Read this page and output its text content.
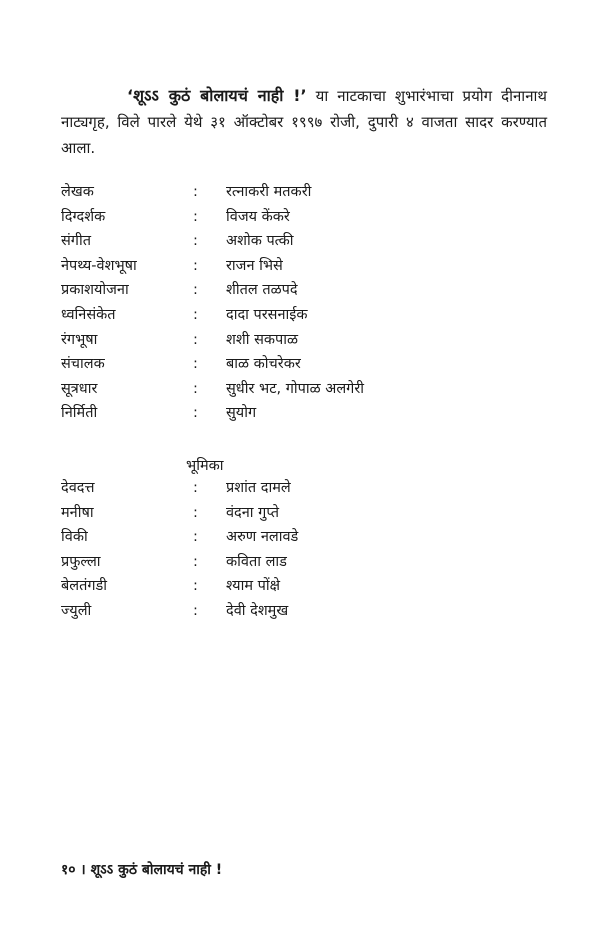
‘शूऽऽ कुठं बोलायचं नाही !’ या नाटकाचा शुभारंभाचा प्रयोग दीनानाथ नाट्यगृह, विले पारले येथे ३१ ऑक्टोबर १९९७ रोजी, दुपारी ४ वाजता सादर करण्यात आला.
लेखक	: रत्नाकरी मतकरी
दिग्दर्शक	: विजय केंकरे
संगीत	: अशोक पत्की
नेपथ्य-वेशभूषा	: राजन भिसे
प्रकाशयोजना	: शीतल तळपदे
ध्वनिसंकेत	: दादा परसनाईक
रंगभूषा	: शशी सकपाळ
संचालक	: बाळ कोचरेकर
सूत्रधार	: सुधीर भट, गोपाळ अलगेरी
निर्मिती	: सुयोग
भूमिका
देवदत्त	: प्रशांत दामले
मनीषा	: वंदना गुप्ते
विकी	: अरुण नलावडे
प्रफुल्ला	: कविता लाड
बेलतंगडी	: श्याम पोंक्षे
ज्युली	: देवी देशमुख
१० । शूऽऽ कुठं बोलायचं नाही !
